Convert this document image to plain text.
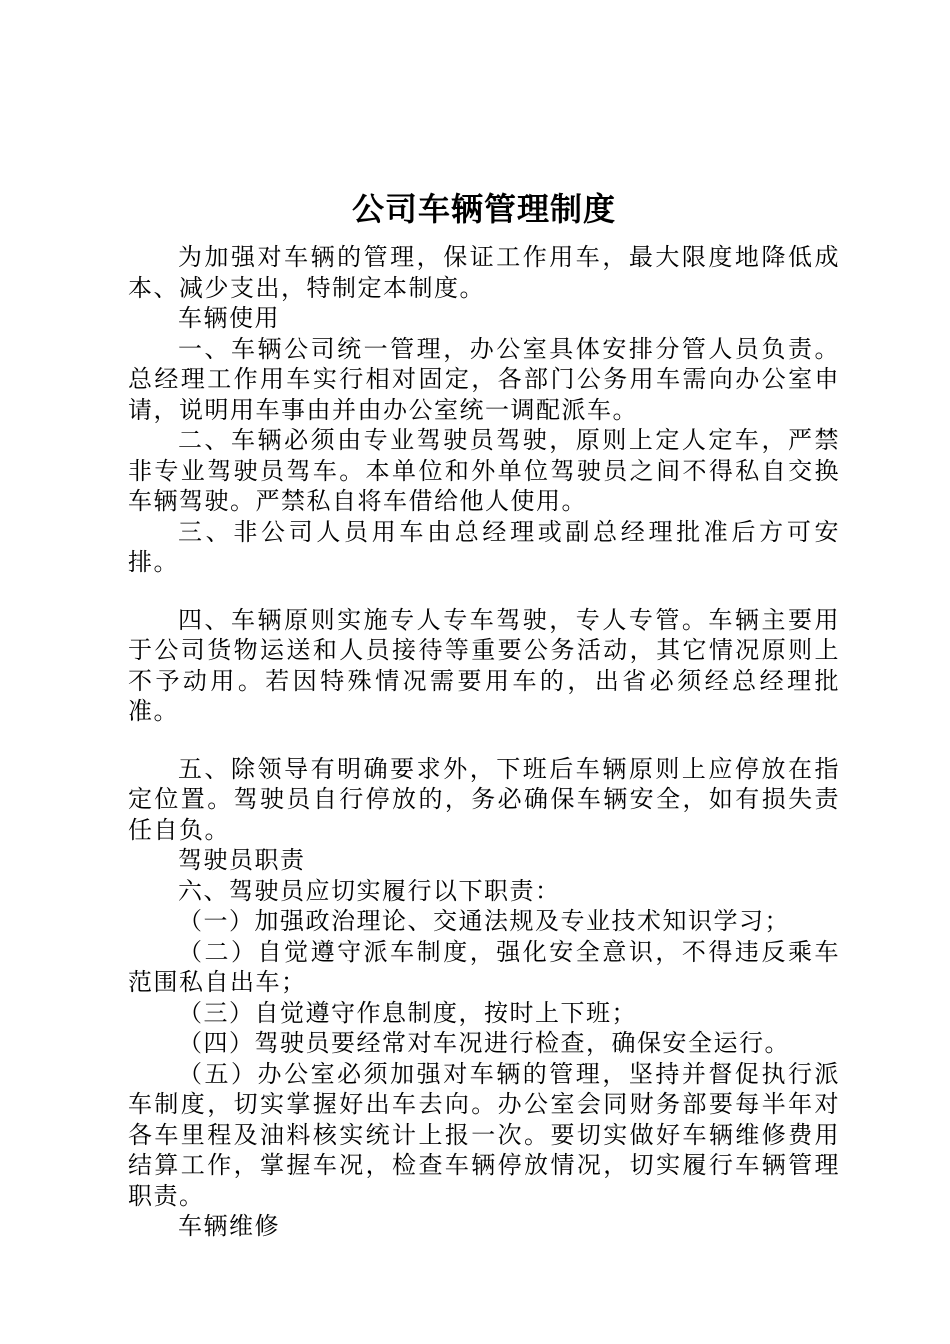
公司车辆管理制度

为加强对车辆的管理，保证工作用车，最大限度地降低成本、减少支出，特制定本制度。

车辆使用

一、车辆公司统一管理，办公室具体安排分管人员负责。总经理工作用车实行相对固定，各部门公务用车需向办公室申请，说明用车事由并由办公室统一调配派车。

二、车辆必须由专业驾驶员驾驶，原则上定人定车，严禁非专业驾驶员驾车。本单位和外单位驾驶员之间不得私自交换车辆驾驶。严禁私自将车借给他人使用。

三、非公司人员用车由总经理或副总经理批准后方可安排。

四、车辆原则实施专人专车驾驶，专人专管。车辆主要用于公司货物运送和人员接待等重要公务活动，其它情况原则上不予动用。若因特殊情况需要用车的，出省必须经总经理批准。

五、除领导有明确要求外，下班后车辆原则上应停放在指定位置。驾驶员自行停放的，务必确保车辆安全，如有损失责任自负。

驾驶员职责

六、驾驶员应切实履行以下职责：

（一）加强政治理论、交通法规及专业技术知识学习；

（二）自觉遵守派车制度，强化安全意识，不得违反乘车范围私自出车；

（三）自觉遵守作息制度，按时上下班；

（四）驾驶员要经常对车况进行检查，确保安全运行。

（五）办公室必须加强对车辆的管理，坚持并督促执行派车制度，切实掌握好出车去向。办公室会同财务部要每半年对各车里程及油料核实统计上报一次。要切实做好车辆维修费用结算工作，掌握车况，检查车辆停放情况，切实履行车辆管理职责。

车辆维修
